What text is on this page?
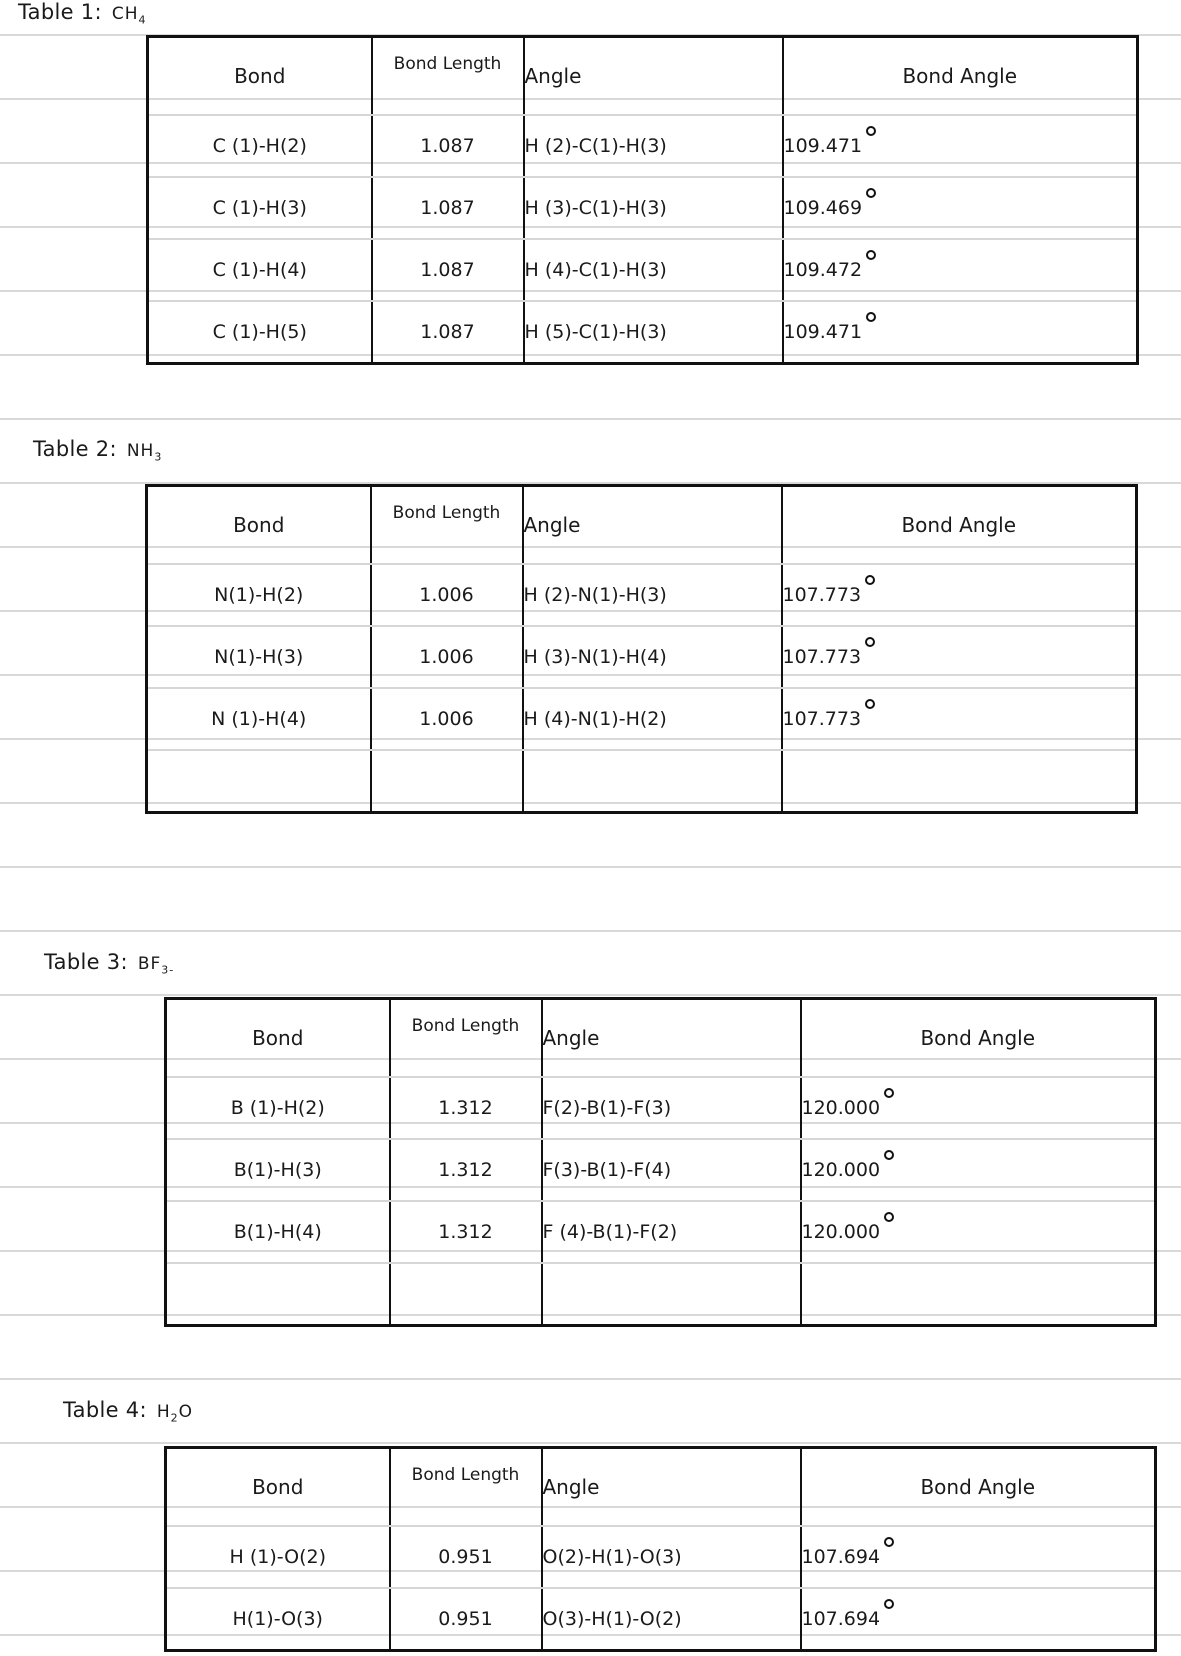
Table 1: $CH_4$
Bond	Bond Length	Angle	Bond Angle
C (1)-H(2)	1.087	H (2)-C(1)-H(3)	109.471
C (1)-H(3)	1.087	H (3)-C(1)-H(3)	109.469
C (1)-H(4)	1.087	H (4)-C(1)-H(3)	109.472
C (1)-H(5)	1.087	H (5)-C(1)-H(3)	109.471
Table 2: $NH_3$
Bond	Bond Length	Angle	Bond Angle
N(1)-H(2)	1.006	H (2)-N(1)-H(3)	107.773
N(1)-H(3)	1.006	H (3)-N(1)-H(4)	107.773
N (1)-H(4)	1.006	H (4)-N(1)-H(2)	107.773

Table 3: $BF_{3-}$
Bond	Bond Length	Angle	Bond Angle
B (1)-H(2)	1.312	F(2)-B(1)-F(3)	120.000
B(1)-H(3)	1.312	F(3)-B(1)-F(4)	120.000
B(1)-H(4)	1.312	F (4)-B(1)-F(2)	120.000

Table 4: $H_2O$
Bond	Bond Length	Angle	Bond Angle
H (1)-O(2)	0.951	O(2)-H(1)-O(3)	107.694
H(1)-O(3)	0.951	O(3)-H(1)-O(2)	107.694
